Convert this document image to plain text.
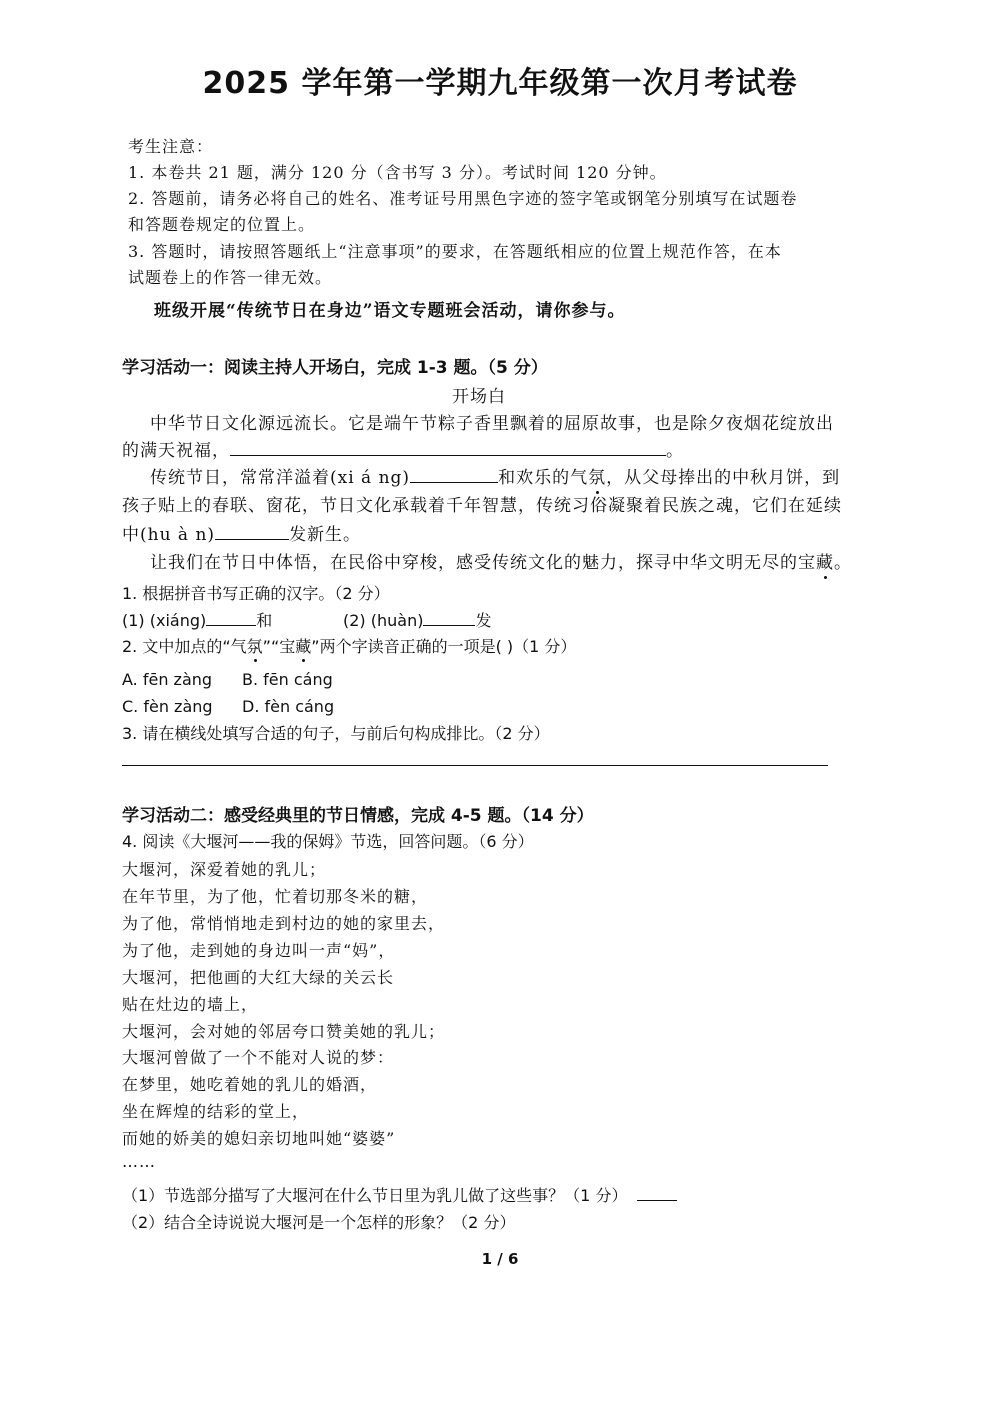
2025 学年第一学期九年级第一次月考试卷
考生注意：
1. 本卷共 21 题，满分 120 分（含书写 3 分）。考试时间 120 分钟。
2. 答题前，请务必将自己的姓名、准考证号用黑色字迹的签字笔或钢笔分别填写在试题卷
和答题卷规定的位置上。
3. 答题时，请按照答题纸上“注意事项”的要求，在答题纸相应的位置上规范作答，在本
试题卷上的作答一律无效。
班级开展“传统节日在身边”语文专题班会活动，请你参与。
学习活动一：阅读主持人开场白，完成 1-3 题。（5 分）
开场白
中华节日文化源远流长。它是端午节粽子香里飘着的屈原故事，也是除夕夜烟花绽放出
的满天祝福，	。
传统节日，常常洋溢着(xi á ng)	和欢乐的气氛，从父母捧出的中秋月饼，到
孩子贴上的春联、窗花，节日文化承载着千年智慧，传统习俗凝聚着民族之魂，它们在延续
中(hu à n)	发新生。
让我们在节日中体悟，在民俗中穿梭，感受传统文化的魅力，探寻中华文明无尽的宝藏。
1. 根据拼音书写正确的汉字。（2 分）
(1) (xiáng)	和	(2) (huàn)	发
2. 文中加点的“气氛”“宝藏”两个字读音正确的一项是( )（1 分）
A. fēn zàng B. fēn cáng
C. fèn zàng D. fèn cáng
3. 请在横线处填写合适的句子，与前后句构成排比。（2 分）
学习活动二：感受经典里的节日情感，完成 4-5 题。（14 分）
4. 阅读《大堰河——我的保姆》节选，回答问题。（6 分）
大堰河，深爱着她的乳儿；
在年节里，为了他，忙着切那冬米的糖，
为了他，常悄悄地走到村边的她的家里去，
为了他，走到她的身边叫一声“妈”，
大堰河，把他画的大红大绿的关云长
贴在灶边的墙上，
大堰河，会对她的邻居夸口赞美她的乳儿；
大堰河曾做了一个不能对人说的梦：
在梦里，她吃着她的乳儿的婚酒，
坐在辉煌的结彩的堂上，
而她的娇美的媳妇亲切地叫她“婆婆”
……
（1）节选部分描写了大堰河在什么节日里为乳儿做了这些事？（1 分）
（2）结合全诗说说大堰河是一个怎样的形象？（2 分）
1 / 6
